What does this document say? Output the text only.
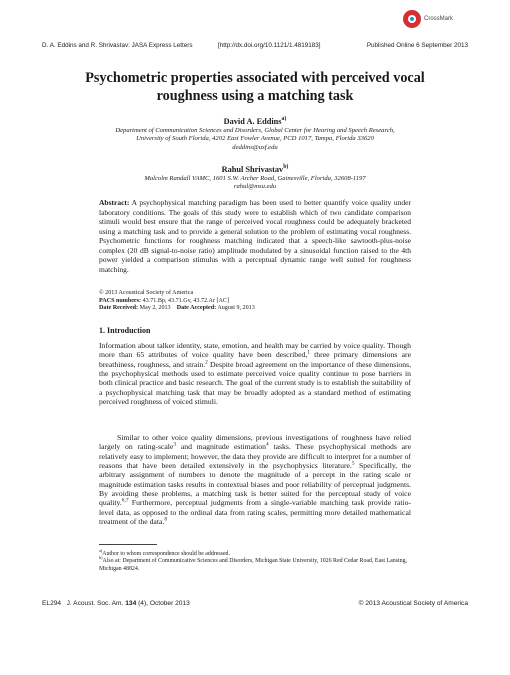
CrossMark
D. A. Eddins and R. Shrivastav: JASA Express Letters	[http://dx.doi.org/10.1121/1.4819183]	Published Online 6 September 2013
Psychometric properties associated with perceived vocal roughness using a matching task
David A. Eddins$^{a)}$
Department of Communication Sciences and Disorders, Global Center for Hearing and Speech Research, University of South Florida, 4202 East Fowler Avenue, PCD 1017, Tampa, Florida 33620
deddins@usf.edu
Rahul Shrivastav$^{b)}$
Malcolm Randall VAMC, 1601 S.W. Archer Road, Gainesville, Florida, 32608-1197
rahul@msu.edu
Abstract: A psychophysical matching paradigm has been used to better quantify voice quality under laboratory conditions. The goals of this study were to establish which of two candidate comparison stimuli would best ensure that the range of perceived vocal roughness could be adequately bracketed using a matching task and to provide a general solution to the problem of estimating vocal roughness. Psychometric functions for roughness matching indicated that a speech-like sawtooth-plus-noise complex (20 dB signal-to-noise ratio) amplitude modulated by a sinusoidal function raised to the 4th power yielded a comparison stimulus with a perceptual dynamic range well suited for roughness matching.
© 2013 Acoustical Society of America
PACS numbers: 43.71.Bp, 43.71.Gv, 43.72.Ar [AC]
Date Received: May 2, 2013 Date Accepted: August 9, 2013
1. Introduction
Information about talker identity, state, emotion, and health may be carried by voice quality. Though more than 65 attributes of voice quality have been described,$^1$ three primary dimensions are breathiness, roughness, and strain.$^2$ Despite broad agreement on the importance of these dimensions, the psychophysical methods used to estimate perceived voice quality continue to pose barriers in both clinical practice and basic research. The goal of the current study is to establish the suitability of a psychophysical matching task that may be broadly adopted as a standard method of estimating perceived roughness of voiced stimuli.
Similar to other voice quality dimensions, previous investigations of roughness have relied largely on rating-scale$^3$ and magnitude estimation$^4$ tasks. These psychophysical methods are relatively easy to implement; however, the data they provide are difficult to interpret for a number of reasons that have been detailed extensively in the psychophysics literature.$^5$ Specifically, the arbitrary assignment of numbers to denote the magnitude of a percept in the rating scale or magnitude estimation tasks results in contextual biases and poor reliability of perceptual judgments. By avoiding these problems, a matching task is better suited for the perceptual study of voice quality.$^{6,7}$ Furthermore, perceptual judgments from a single-variable matching task provide ratio-level data, as opposed to the ordinal data from rating scales, permitting more detailed mathematical treatment of the data.$^8$
$^{a)}$Author to whom correspondence should be addressed.
$^{b)}$Also at: Department of Communicative Sciences and Disorders, Michigan State University, 1026 Red Cedar Road, East Lansing, Michigan 48824.
EL294 J. Acoust. Soc. Am. 134 (4), October 2013	© 2013 Acoustical Society of America
